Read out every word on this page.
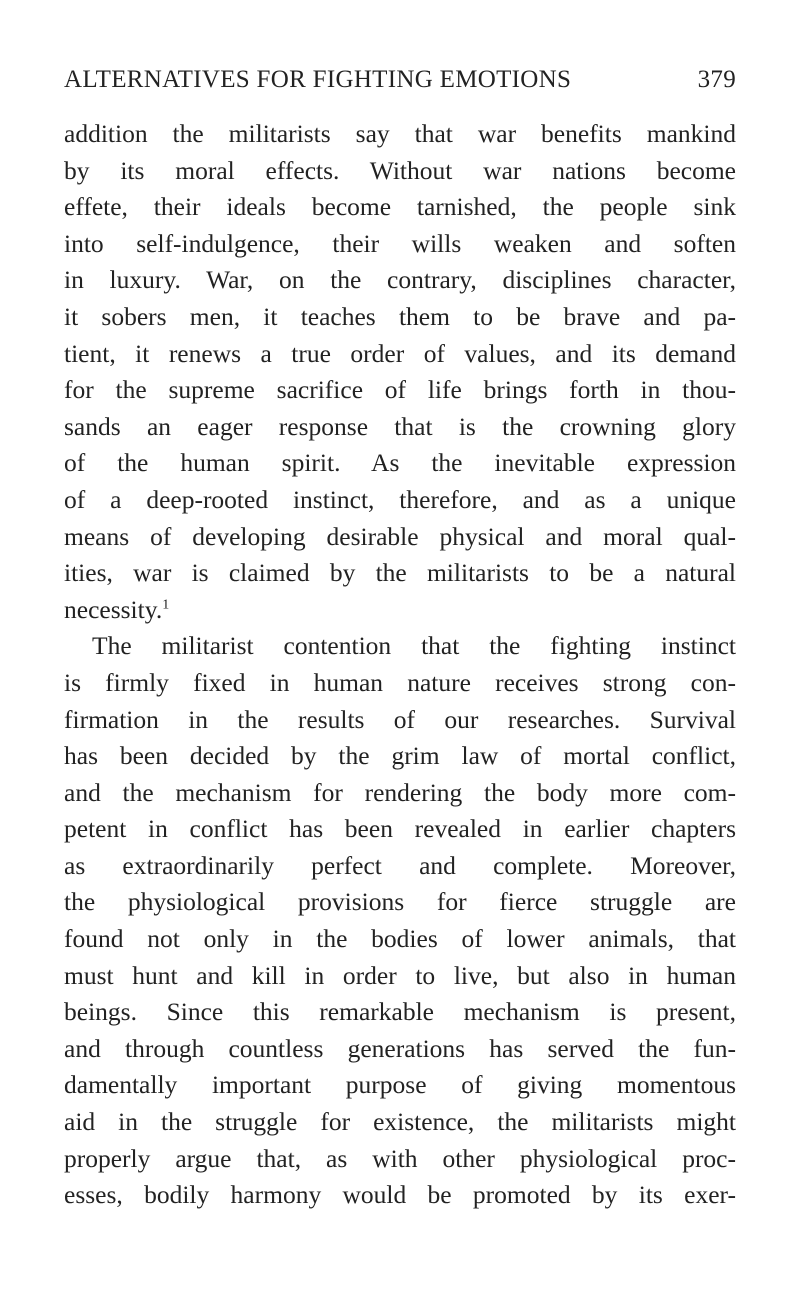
ALTERNATIVES FOR FIGHTING EMOTIONS	379
addition the militarists say that war benefits mankind
by its moral effects. Without war nations become
effete, their ideals become tarnished, the people sink
into self-indulgence, their wills weaken and soften
in luxury. War, on the contrary, disciplines character,
it sobers men, it teaches them to be brave and pa-
tient, it renews a true order of values, and its demand
for the supreme sacrifice of life brings forth in thou-
sands an eager response that is the crowning glory
of the human spirit. As the inevitable expression
of a deep-rooted instinct, therefore, and as a unique
means of developing desirable physical and moral qual-
ities, war is claimed by the militarists to be a natural
necessity.$^1$
The militarist contention that the fighting instinct
is firmly fixed in human nature receives strong con-
firmation in the results of our researches. Survival
has been decided by the grim law of mortal conflict,
and the mechanism for rendering the body more com-
petent in conflict has been revealed in earlier chapters
as extraordinarily perfect and complete. Moreover,
the physiological provisions for fierce struggle are
found not only in the bodies of lower animals, that
must hunt and kill in order to live, but also in human
beings. Since this remarkable mechanism is present,
and through countless generations has served the fun-
damentally important purpose of giving momentous
aid in the struggle for existence, the militarists might
properly argue that, as with other physiological proc-
esses, bodily harmony would be promoted by its exer-
